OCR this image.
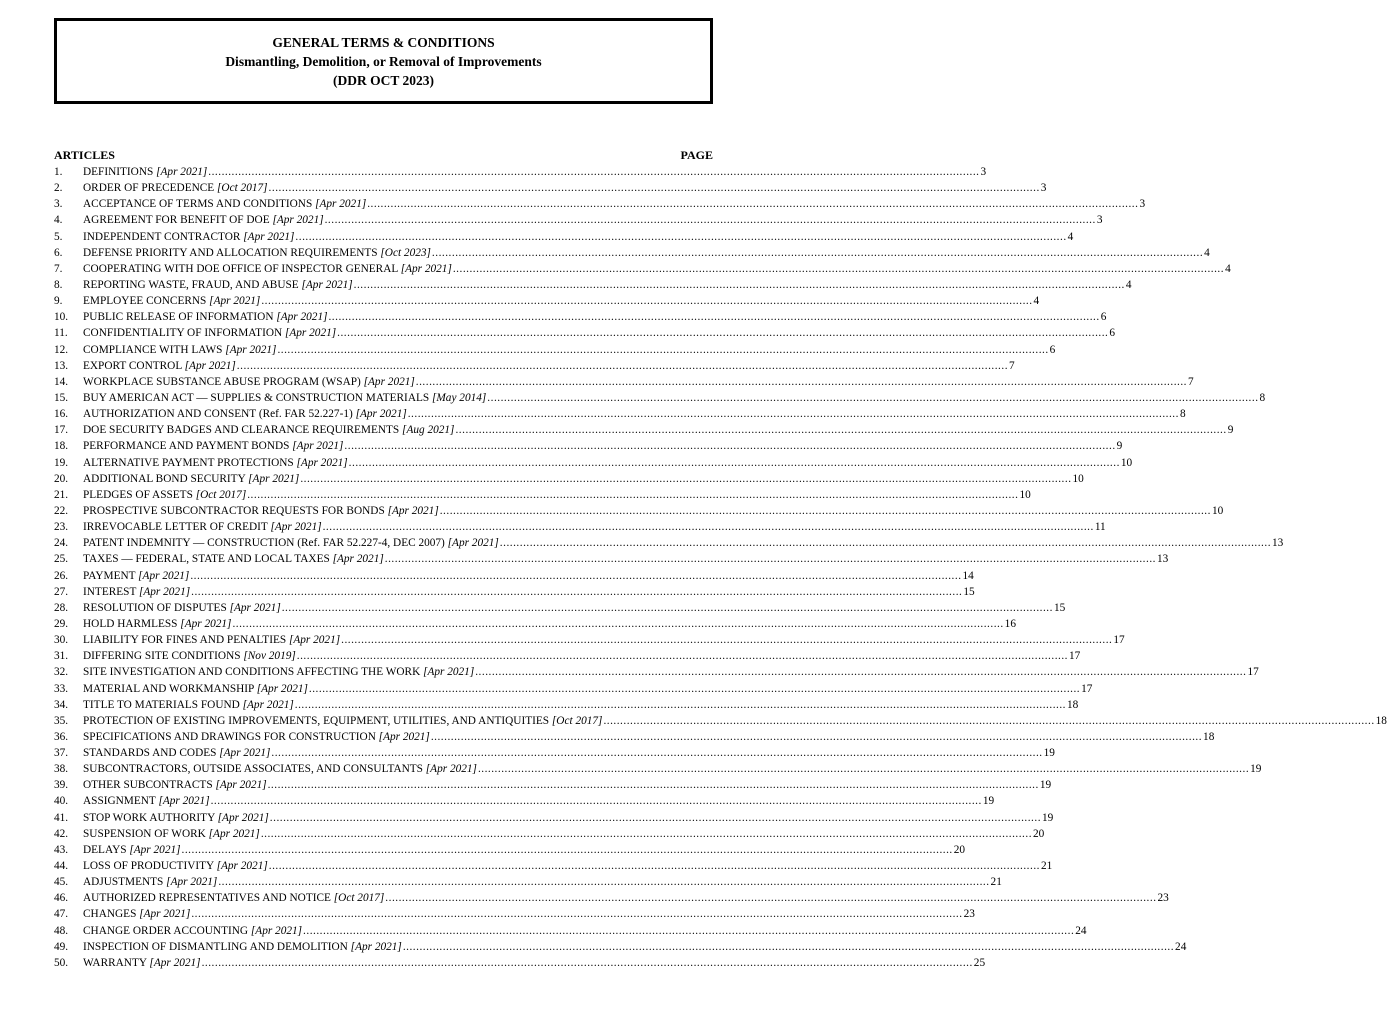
GENERAL TERMS & CONDITIONS
Dismantling, Demolition, or Removal of Improvements
(DDR OCT 2023)
ARTICLES	PAGE
1.	DEFINITIONS [Apr 2021] .....	3
2.	ORDER OF PRECEDENCE [Oct 2017] .....	3
3.	ACCEPTANCE OF TERMS AND CONDITIONS [Apr 2021] .....	3
4.	AGREEMENT FOR BENEFIT OF DOE [Apr 2021] .....	3
5.	INDEPENDENT CONTRACTOR [Apr 2021] .....	4
6.	DEFENSE PRIORITY AND ALLOCATION REQUIREMENTS [Oct 2023] .....	4
7.	COOPERATING WITH DOE OFFICE OF INSPECTOR GENERAL [Apr 2021] .....	4
8.	REPORTING WASTE, FRAUD, AND ABUSE [Apr 2021] .....	4
9.	EMPLOYEE CONCERNS [Apr 2021] .....	4
10.	PUBLIC RELEASE OF INFORMATION [Apr 2021] .....	6
11.	CONFIDENTIALITY OF INFORMATION [Apr 2021] .....	6
12.	COMPLIANCE WITH LAWS [Apr 2021] .....	6
13.	EXPORT CONTROL [Apr 2021] .....	7
14.	WORKPLACE SUBSTANCE ABUSE PROGRAM (WSAP) [Apr 2021] .....	7
15.	BUY AMERICAN ACT — SUPPLIES & CONSTRUCTION MATERIALS [May 2014] .....	8
16.	AUTHORIZATION AND CONSENT (Ref. FAR 52.227-1) [Apr 2021] .....	8
17.	DOE SECURITY BADGES AND CLEARANCE REQUIREMENTS [Aug 2021] .....	9
18.	PERFORMANCE AND PAYMENT BONDS [Apr 2021] .....	9
19.	ALTERNATIVE PAYMENT PROTECTIONS [Apr 2021] .....	10
20.	ADDITIONAL BOND SECURITY [Apr 2021] .....	10
21.	PLEDGES OF ASSETS [Oct 2017] .....	10
22.	PROSPECTIVE SUBCONTRACTOR REQUESTS FOR BONDS [Apr 2021] .....	10
23.	IRREVOCABLE LETTER OF CREDIT [Apr 2021] .....	11
24.	PATENT INDEMNITY — CONSTRUCTION (Ref. FAR 52.227-4, DEC 2007) [Apr 2021] .....	13
25.	TAXES — FEDERAL, STATE AND LOCAL TAXES [Apr 2021] .....	13
26.	PAYMENT [Apr 2021] .....	14
27.	INTEREST [Apr 2021] .....	15
28.	RESOLUTION OF DISPUTES [Apr 2021] .....	15
29.	HOLD HARMLESS [Apr 2021] .....	16
30.	LIABILITY FOR FINES AND PENALTIES [Apr 2021] .....	17
31.	DIFFERING SITE CONDITIONS [Nov 2019] .....	17
32.	SITE INVESTIGATION AND CONDITIONS AFFECTING THE WORK [Apr 2021] .....	17
33.	MATERIAL AND WORKMANSHIP [Apr 2021] .....	17
34.	TITLE TO MATERIALS FOUND [Apr 2021] .....	18
35.	PROTECTION OF EXISTING IMPROVEMENTS, EQUIPMENT, UTILITIES, AND ANTIQUITIES [Oct 2017] .....	18
36.	SPECIFICATIONS AND DRAWINGS FOR CONSTRUCTION [Apr 2021] .....	18
37.	STANDARDS AND CODES [Apr 2021] .....	19
38.	SUBCONTRACTORS, OUTSIDE ASSOCIATES, AND CONSULTANTS [Apr 2021] .....	19
39.	OTHER SUBCONTRACTS [Apr 2021] .....	19
40.	ASSIGNMENT [Apr 2021] .....	19
41.	STOP WORK AUTHORITY [Apr 2021] .....	19
42.	SUSPENSION OF WORK [Apr 2021] .....	20
43.	DELAYS [Apr 2021] .....	20
44.	LOSS OF PRODUCTIVITY [Apr 2021] .....	21
45.	ADJUSTMENTS [Apr 2021] .....	21
46.	AUTHORIZED REPRESENTATIVES AND NOTICE [Oct 2017] .....	23
47.	CHANGES [Apr 2021] .....	23
48.	CHANGE ORDER ACCOUNTING [Apr 2021] .....	24
49.	INSPECTION OF DISMANTLING AND DEMOLITION [Apr 2021] .....	24
50.	WARRANTY [Apr 2021] .....	25
